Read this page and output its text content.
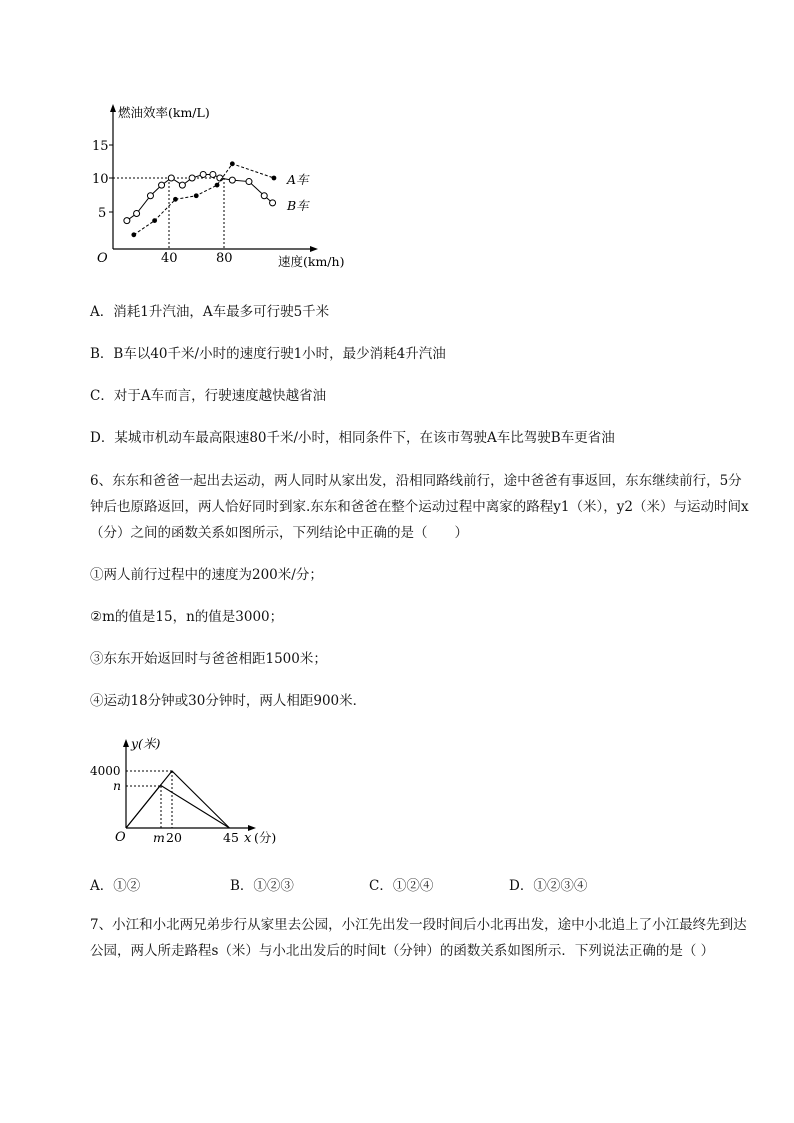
燃油效率(km/L)
速度(km/h)
O
15
10
5
40	80
A车
B车
A．消耗1升汽油，A车最多可行驶5千米
B．B车以40千米/小时的速度行驶1小时，最少消耗4升汽油
C．对于A车而言，行驶速度越快越省油
D．某城市机动车最高限速80千米/小时，相同条件下，在该市驾驶A车比驾驶B车更省油
6、东东和爸爸一起出去运动，两人同时从家出发，沿相同路线前行，途中爸爸有事返回，东东继续前行，5分钟后也原路返回，两人恰好同时到家.东东和爸爸在整个运动过程中离家的路程y1（米），y2（米）与运动时间x（分）之间的函数关系如图所示，下列结论中正确的是（　　）
①两人前行过程中的速度为200米/分；
②m的值是15，n的值是3000；
③东东开始返回时与爸爸相距1500米；
④运动18分钟或30分钟时，两人相距900米．
y(米)
4000
n
O m 20	45 x (分)
A．①②	B．①②③	C．①②④	D．①②③④
7、小江和小北两兄弟步行从家里去公园，小江先出发一段时间后小北再出发，途中小北追上了小江最终先到达公园，两人所走路程s（米）与小北出发后的时间t（分钟）的函数关系如图所示．下列说法正确的是（ ）
